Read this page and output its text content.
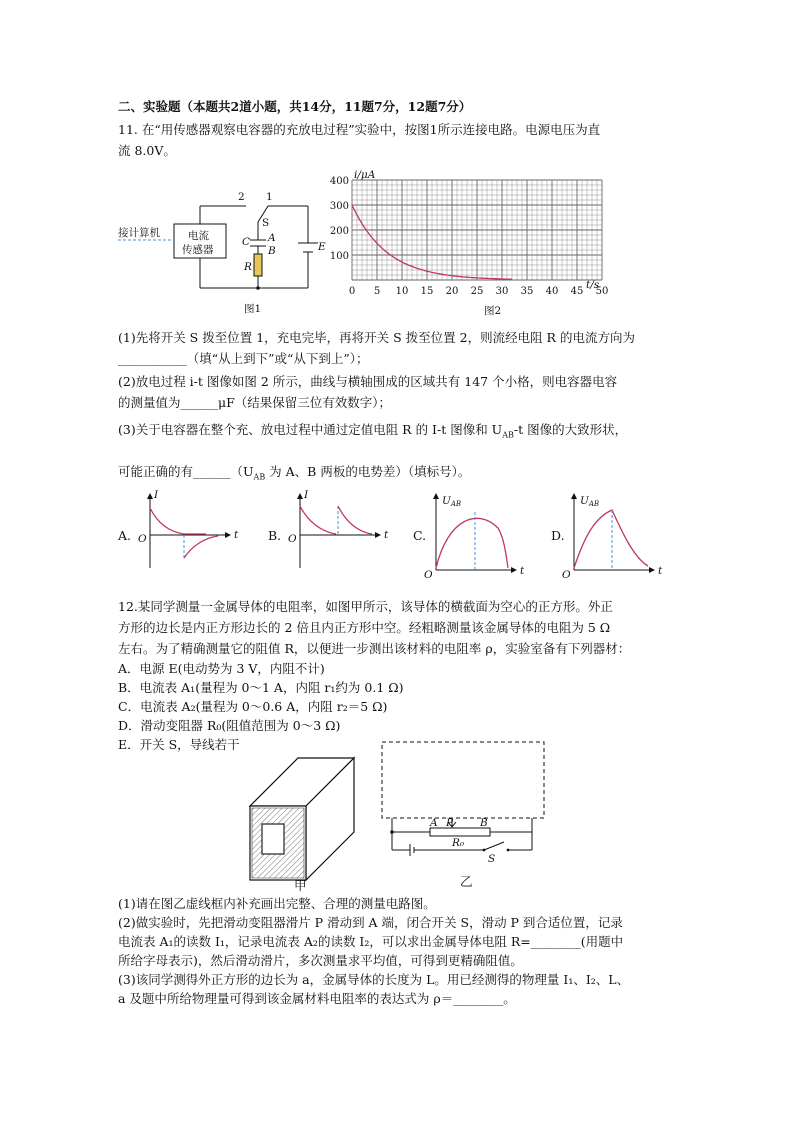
二、实验题（本题共2道小题，共14分，11题7分，12题7分）
11. 在“用传感器观察电容器的充放电过程”实验中，按图1所示连接电路。电源电压为直
流 8.0V。
1
2
S
C A
B
R
E
接计算机	电流
传感器
图1
400
300
200
100
0 5 10 15 20 25 30 35 40 45 50
t/s
i/μA
图2
(1)先将开关 S 拨至位置 1，充电完毕，再将开关 S 拨至位置 2，则流经电阻 R 的电流方向为
___________（填“从上到下”或“从下到上”）；
(2)放电过程 i-t 图像如图 2 所示，曲线与横轴围成的区域共有 147 个小格，则电容器电容
的测量值为______μF（结果保留三位有效数字）；
(3)关于电容器在整个充、放电过程中通过定值电阻 R 的 I-t 图像和 $U_{AB}-t$ 图像的大致形状，
可能正确的有$\_\_\_\_\_\_(U_{AB}$ 为 A、B 两板的电势差）（填标号）。
A.
I
O	t B.
I
O	t C.
UAB
O	t
D.
UAB
O	t
12.某同学测量一金属导体的电阻率，如图甲所示，该导体的横截面为空心的正方形。外正
方形的边长是内正方形边长的 2 倍且内正方形中空。经粗略测量该金属导体的电阻为 5 Ω
左右。为了精确测量它的阻值 R，以便进一步测出该材料的电阻率 ρ，实验室备有下列器材：
A．电源 E(电动势为 3 V，内阻不计)
B．电流表 A₁(量程为 0～1 A，内阻 r₁约为 0.1 Ω)
C．电流表 A₂(量程为 0～0.6 A，内阻 r₂＝5 Ω)
D．滑动变阻器 R₀(阻值范围为 0～3 Ω)
E．开关 S，导线若干
甲
A P	B
R₀
S
乙
(1)请在图乙虚线框内补充画出完整、合理的测量电路图。
(2)做实验时，先把滑动变阻器滑片 P 滑动到 A 端，闭合开关 S，滑动 P 到合适位置，记录
电流表 A₁的读数 I₁，记录电流表 A₂的读数 I₂，可以求出金属导体电阻 R=________(用题中
所给字母表示)，然后滑动滑片，多次测量求平均值，可得到更精确阻值。
(3)该同学测得外正方形的边长为 a，金属导体的长度为 L。用已经测得的物理量 I₁、I₂、L、
a 及题中所给物理量可得到该金属材料电阻率的表达式为 ρ＝________。
